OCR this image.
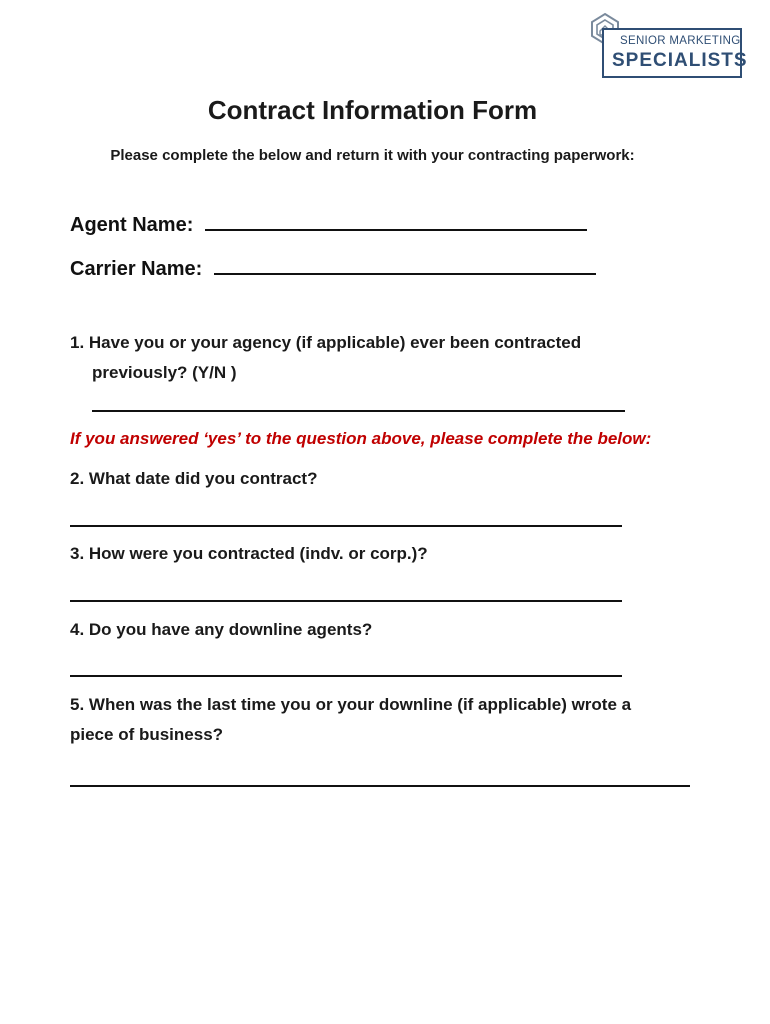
SENIOR MARKETING
SPECIALISTS
Contract Information Form
Please complete the below and return it with your contracting paperwork:
Agent Name:
Carrier Name:
1. Have you or your agency (if applicable) ever been contracted
previously? (Y/N )
If you answered ‘yes’ to the question above, please complete the below:
2. What date did you contract?
3. How were you contracted (indv. or corp.)?
4. Do you have any downline agents?
5. When was the last time you or your downline (if applicable) wrote a
piece of business?
